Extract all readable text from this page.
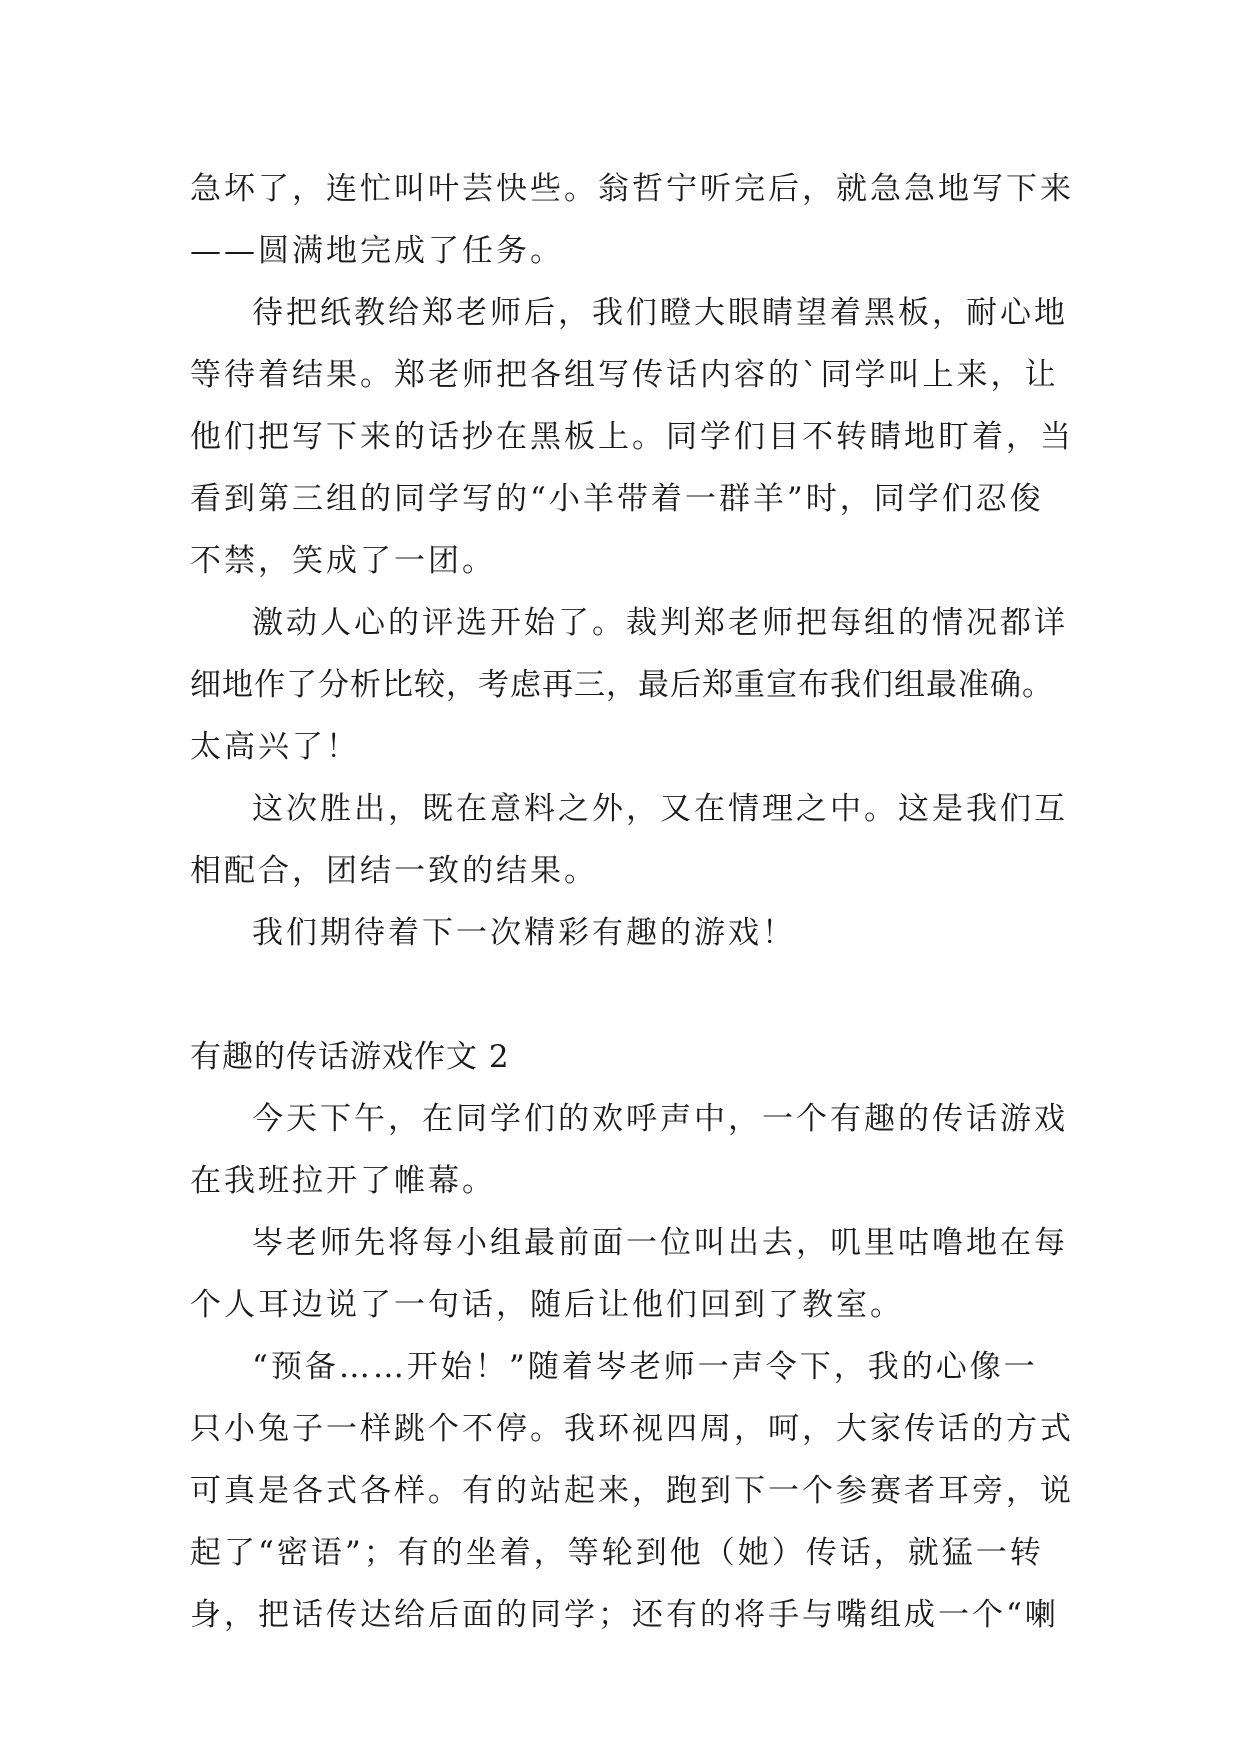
急坏了，连忙叫叶芸快些。翁哲宁听完后，就急急地写下来
——圆满地完成了任务。
待把纸教给郑老师后，我们瞪大眼睛望着黑板，耐心地
等待着结果。郑老师把各组写传话内容的`同学叫上来，让
他们把写下来的话抄在黑板上。同学们目不转睛地盯着，当
看到第三组的同学写的“小羊带着一群羊”时，同学们忍俊
不禁，笑成了一团。
激动人心的评选开始了。裁判郑老师把每组的情况都详
细地作了分析比较，考虑再三，最后郑重宣布我们组最准确。
太高兴了！
这次胜出，既在意料之外，又在情理之中。这是我们互
相配合，团结一致的结果。
我们期待着下一次精彩有趣的游戏！
有趣的传话游戏作文 2
今天下午，在同学们的欢呼声中，一个有趣的传话游戏
在我班拉开了帷幕。
岑老师先将每小组最前面一位叫出去，叽里咕噜地在每
个人耳边说了一句话，随后让他们回到了教室。
“预备……开始！”随着岑老师一声令下，我的心像一
只小兔子一样跳个不停。我环视四周，呵，大家传话的方式
可真是各式各样。有的站起来，跑到下一个参赛者耳旁，说
起了“密语”；有的坐着，等轮到他（她）传话，就猛一转
身，把话传达给后面的同学；还有的将手与嘴组成一个“喇
